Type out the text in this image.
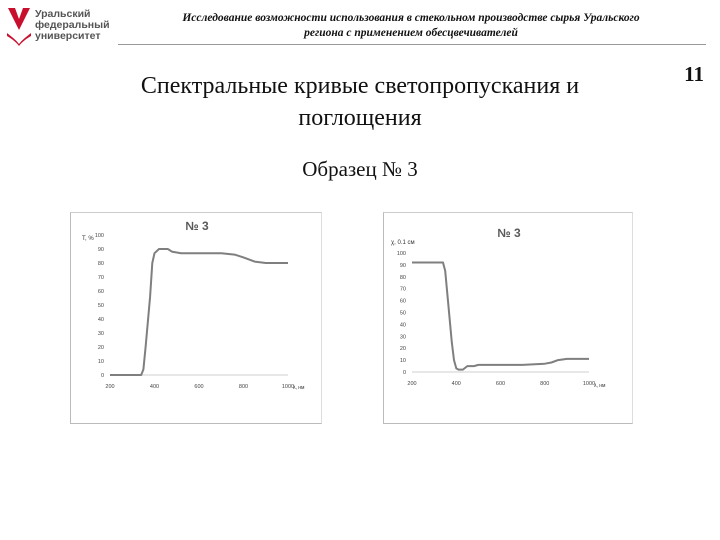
Уральский
федеральный
университет
Исследование возможности использования в стекольном производстве сырья Уральского
региона с применением обесцвечивателей
11
Спектральные кривые светопропускания и
поглощения
Образец № 3
№ 3
T, %
λ, нм
0
10
20
30
40
50
60
70
80
90
100
200	400	600	800	1000
№ 3
χ, 0.1 см
λ, нм
0
10
20
30
40
50
60
70
80
90
100
200	400	600	800	1000
